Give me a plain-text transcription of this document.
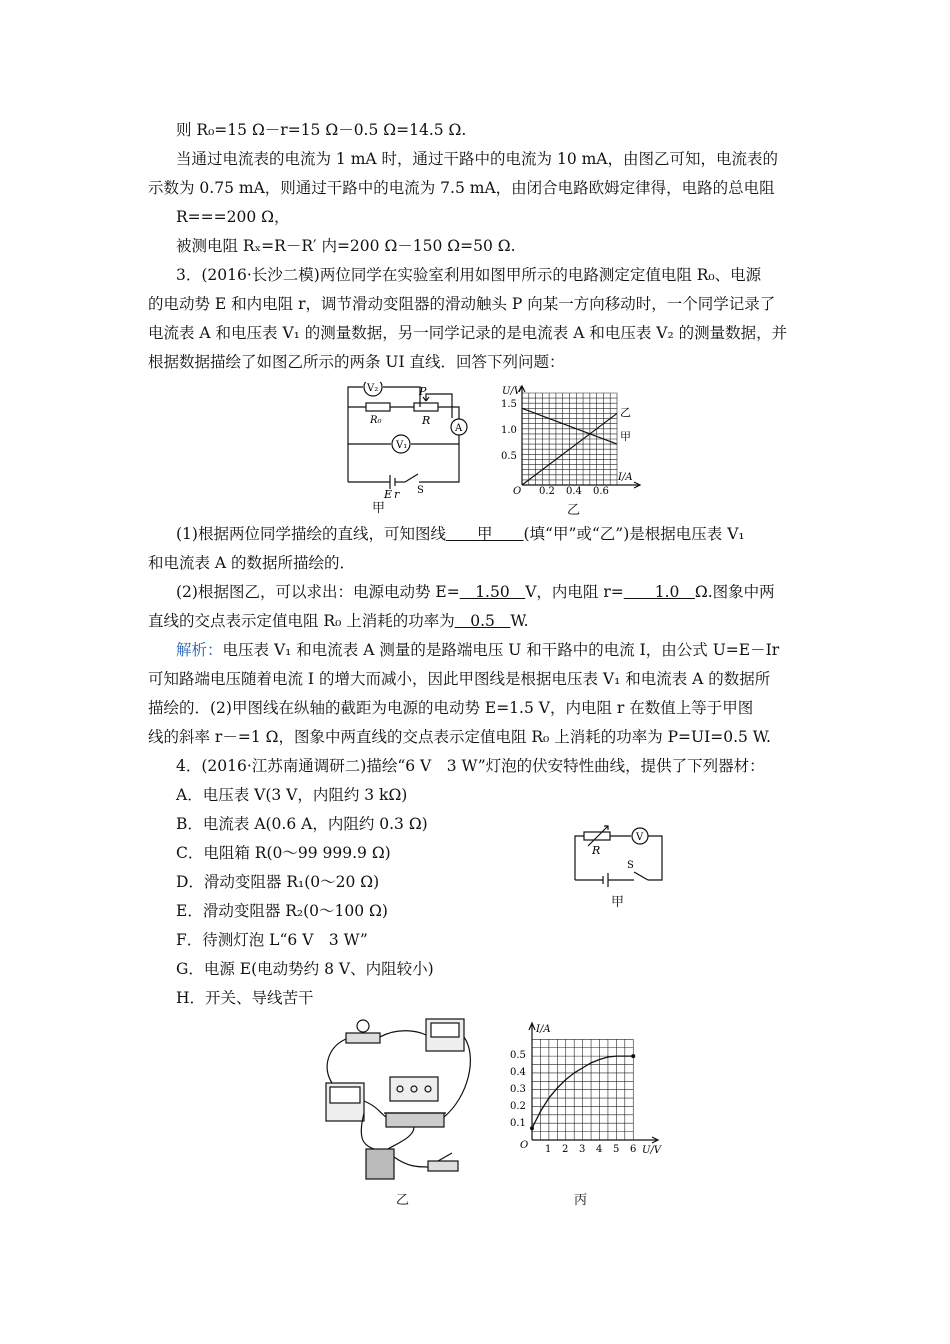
则 R₀=15 Ω－r=15 Ω－0.5 Ω=14.5 Ω.
当通过电流表的电流为 1 mA 时，通过干路中的电流为 10 mA，由图乙可知，电流表的
示数为 0.75 mA，则通过干路中的电流为 7.5 mA，由闭合电路欧姆定律得，电路的总电阻
R===200 Ω，
被测电阻 Rₓ=R－R′ 内=200 Ω－150 Ω=50 Ω.
3．(2016·长沙二模)两位同学在实验室利用如图甲所示的电路测定定值电阻 R₀、电源
的电动势 E 和内电阻 r，调节滑动变阻器的滑动触头 P 向某一方向移动时，一个同学记录了
电流表 A 和电压表 V₁ 的测量数据，另一同学记录的是电流表 A 和电压表 V₂ 的测量数据，并
根据数据描绘了如图乙所示的两条 UI 直线．回答下列问题：
V₂
V₁
R₀	R
P
A
E r S
甲
U/V
I/A
O
1.5
1.0
0.5
0.2 0.4 0.6
乙
甲
乙
(1)根据两位同学描绘的直线，可知图线　　甲　　(填“甲”或“乙”)是根据电压表 V₁
和电流表 A 的数据所描绘的．
(2)根据图乙，可以求出：电源电动势 E=　1.50　V，内电阻 r=　　1.0　Ω.图象中两
直线的交点表示定值电阻 R₀ 上消耗的功率为　0.5　W.
解析：电压表 V₁ 和电流表 A 测量的是路端电压 U 和干路中的电流 I，由公式 U=E－Ir
可知路端电压随着电流 I 的增大而减小，因此甲图线是根据电压表 V₁ 和电流表 A 的数据所
描绘的．(2)甲图线在纵轴的截距为电源的电动势 E=1.5 V，内电阻 r 在数值上等于甲图
线的斜率 r－=1 Ω，图象中两直线的交点表示定值电阻 R₀ 上消耗的功率为 P=UI=0.5 W.
4．(2016·江苏南通调研二)描绘“6 V　3 W”灯泡的伏安特性曲线，提供了下列器材：
A．电压表 V(3 V，内阻约 3 kΩ)
B．电流表 A(0.6 A，内阻约 0.3 Ω)
C．电阻箱 R(0～99 999.9 Ω)
D．滑动变阻器 R₁(0～20 Ω)
E．滑动变阻器 R₂(0～100 Ω)
F．待测灯泡 L“6 V　3 W”
G．电源 E(电动势约 8 V、内阻较小)
H．开关、导线苦干
R
V
S
甲
乙
I/A
U/V
O
0.5
0.4
0.3
0.2
0.1
1 2 3 4 5 6
丙
